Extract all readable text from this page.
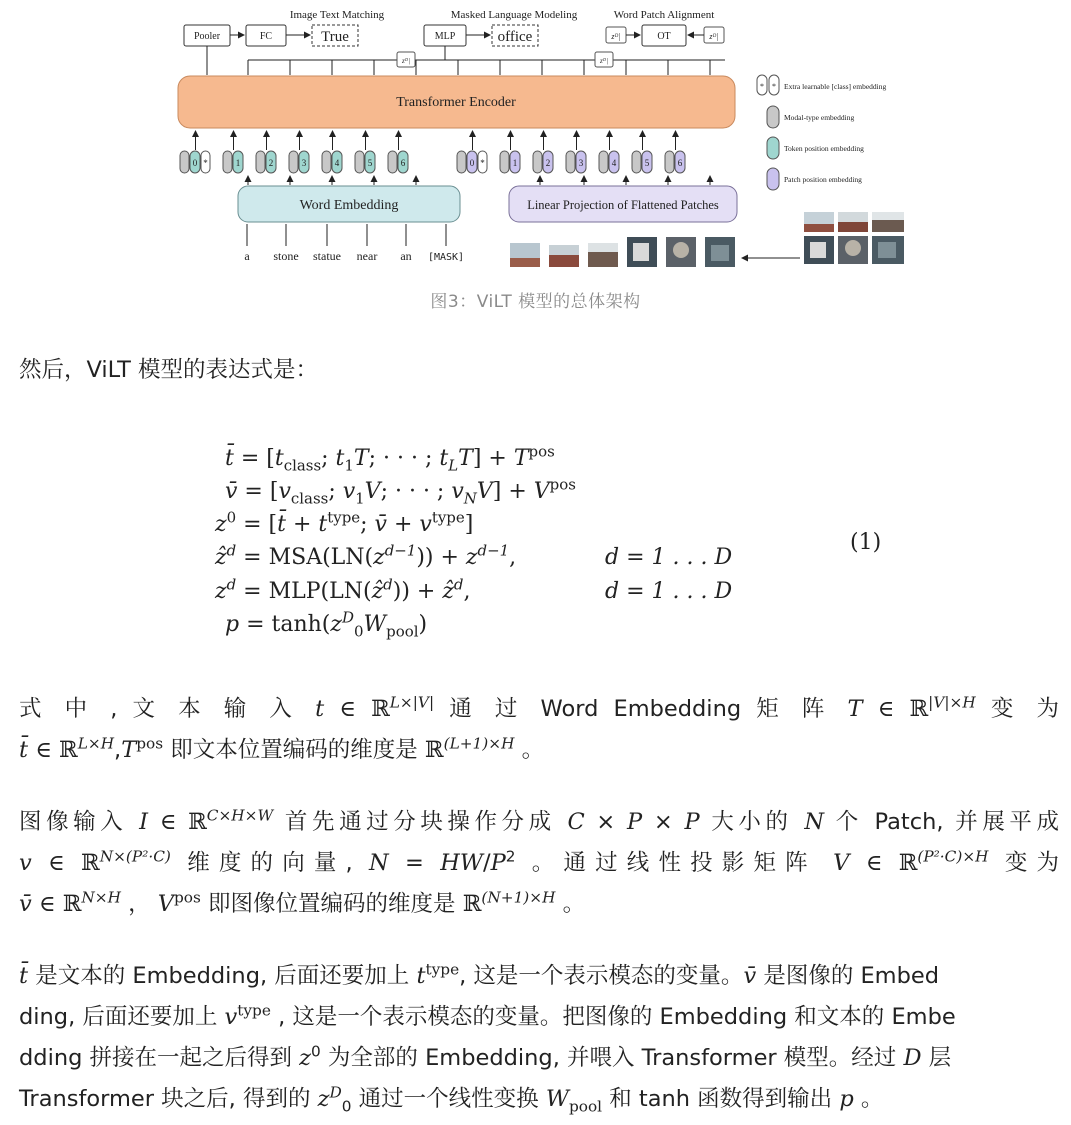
Image Text Matching	Masked Language Modeling	Word Patch Alignment
Pooler	FC	True	MLP	office	OT
zᴰ|	zᴰ|
zᴰ|	zᴰ|
Transformer Encoder
0 *	1	2	3	4	5	6	0 *	1	2	3	4	5	6
Word Embedding	Linear Projection of Flattened Patches
a stone statue near an [MASK]
* * Extra learnable [class] embedding
Modal-type embedding
Token position embedding
Patch position embedding
图3：ViLT 模型的总体架构
然后，ViLT 模型的表达式是：
t̄ = [$t_{class}$; $t_1T$; · · · ; $t_LT] + T^{pos}$
v̄ = [$v_{class}$; $v_1V$; · · · ; $v_NV] + V^{pos}$
$z^0$ = [t̄ + $t^{type}$; v̄ + $v^{type}$]
ẑ$^d$ = $MSA(LN(z^{d-1})) + z^{d-1}$,
$z^d$ = MLP(LN(ẑ$^d$)) + ẑ$^d$,
$p = \tanh(z^D_0W_{pool})$
d = 1 . . . D
d = 1 . . . D
(1)
式 中 , 文 本 输 入 t ∈ ℝ$^{L\times|V|}$ 通 过 Word Embedding 矩 阵 T ∈ ℝ$^{|V|\times H}$ 变 为
t̄ ∈ $ℝ^{L\times H},T^{pos}$ 即文本位置编码的维度是 ℝ$^{(L+1)\times H}$ 。
图像输入 I ∈ ℝ$^{C\times H\times W}$ 首先通过分块操作分成 C × P × P 大小的 N 个 Patch, 并展平成
v ∈ ℝ$^{N\times(P^2\cdot C)}$ 维度的向量, $N = HW/P^2$ 。通过线性投影矩阵 V ∈ ℝ$^{(P^2\cdot C)\times H}$ 变为
v̄ ∈ ℝ$^{N\times H}$ ， $V^{pos}$ 即图像位置编码的维度是 ℝ$^{(N+1)\times H}$ 。
t̄ 是文本的 Embedding, 后面还要加上 $t^{type}$, 这是一个表示模态的变量。v̄ 是图像的 Embed
ding, 后面还要加上 $v^{type}$ , 这是一个表示模态的变量。把图像的 Embedding 和文本的 Embe
dding 拼接在一起之后得到 $z^0$ 为全部的 Embedding, 并喂入 Transformer 模型。经过 D 层
Transformer 块之后, 得到的 $z^D_0$ 通过一个线性变换 $W_{pool}$ 和 tanh 函数得到输出 p 。
